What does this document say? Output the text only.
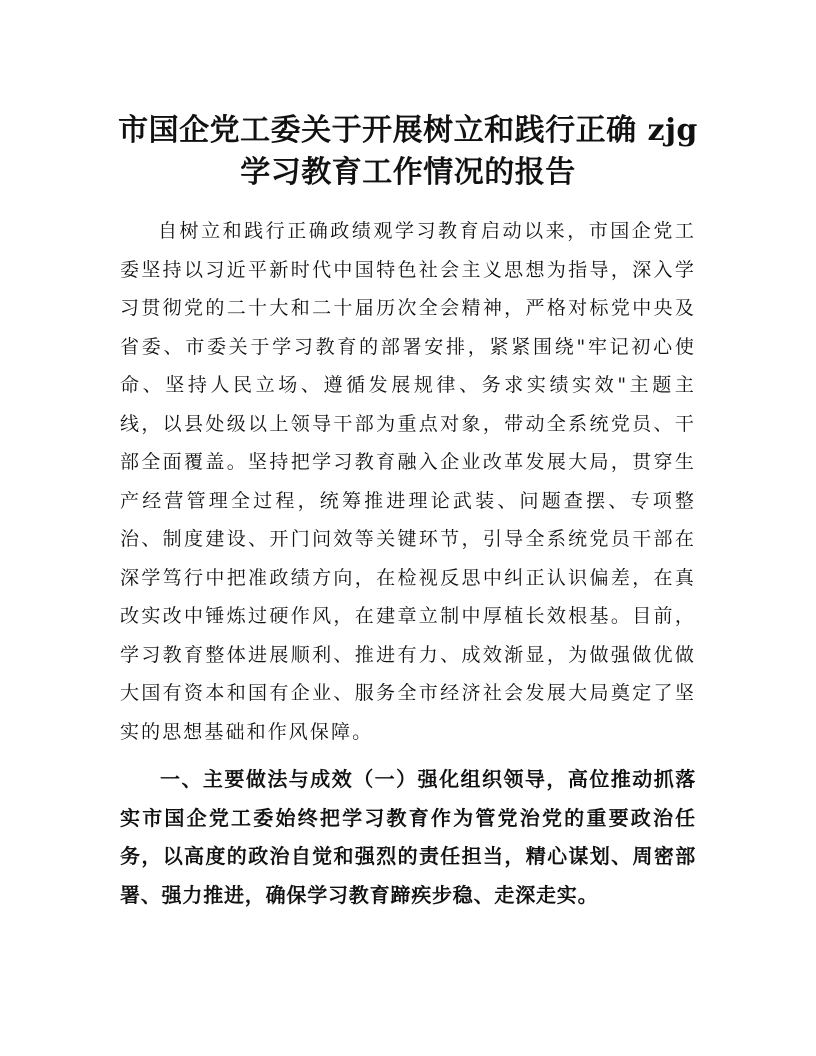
市国企党工委关于开展树立和践行正确 zjg
学习教育工作情况的报告

自树立和践行正确政绩观学习教育启动以来，市国企党工委坚持以习近平新时代中国特色社会主义思想为指导，深入学习贯彻党的二十大和二十届历次全会精神，严格对标党中央及省委、市委关于学习教育的部署安排，紧紧围绕"牢记初心使命、坚持人民立场、遵循发展规律、务求实绩实效"主题主线，以县处级以上领导干部为重点对象，带动全系统党员、干部全面覆盖。坚持把学习教育融入企业改革发展大局，贯穿生产经营管理全过程，统筹推进理论武装、问题查摆、专项整治、制度建设、开门问效等关键环节，引导全系统党员干部在深学笃行中把准政绩方向，在检视反思中纠正认识偏差，在真改实改中锤炼过硬作风，在建章立制中厚植长效根基。目前，学习教育整体进展顺利、推进有力、成效渐显，为做强做优做大国有资本和国有企业、服务全市经济社会发展大局奠定了坚实的思想基础和作风保障。

一、主要做法与成效（一）强化组织领导，高位推动抓落实市国企党工委始终把学习教育作为管党治党的重要政治任务，以高度的政治自觉和强烈的责任担当，精心谋划、周密部署、强力推进，确保学习教育蹄疾步稳、走深走实。
